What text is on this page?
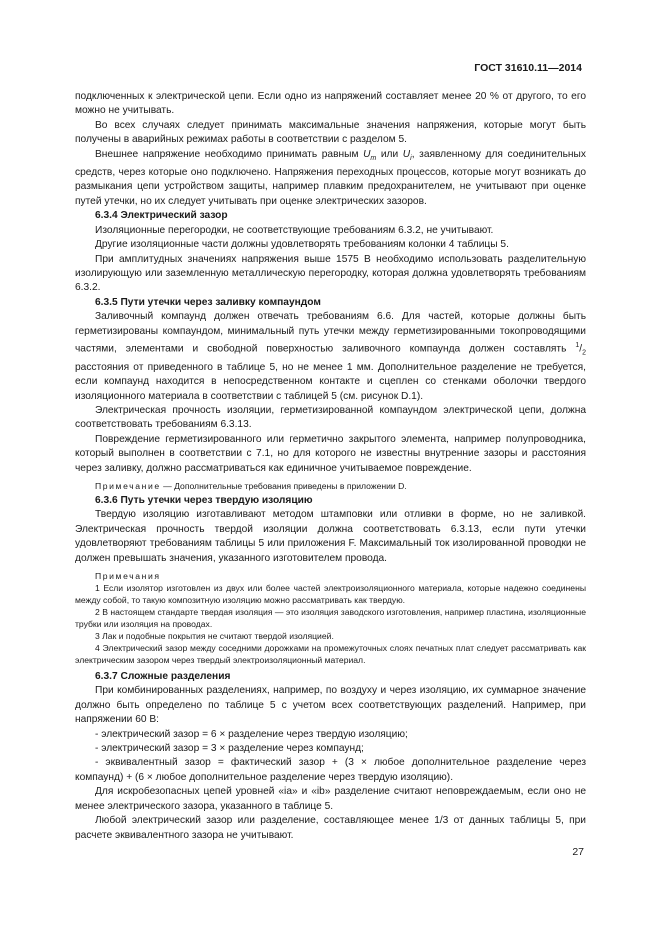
ГОСТ 31610.11—2014

подключенных к электрической цепи. Если одно из напряжений составляет менее 20 % от другого, то его можно не учитывать.

Во всех случаях следует принимать максимальные значения напряжения, которые могут быть получены в аварийных режимах работы в соответствии с разделом 5.

Внешнее напряжение необходимо принимать равным $U_m$ или $U_i$, заявленному для соединительных средств, через которые оно подключено. Напряжения переходных процессов, которые могут возникать до размыкания цепи устройством защиты, например плавким предохранителем, не учитывают при оценке путей утечки, но их следует учитывать при оценке электрических зазоров.

6.3.4 Электрический зазор

Изоляционные перегородки, не соответствующие требованиям 6.3.2, не учитывают.

Другие изоляционные части должны удовлетворять требованиям колонки 4 таблицы 5.

При амплитудных значениях напряжения выше 1575 В необходимо использовать разделительную изолирующую или заземленную металлическую перегородку, которая должна удовлетворять требованиям 6.3.2.

6.3.5 Пути утечки через заливку компаундом

Заливочный компаунд должен отвечать требованиям 6.6. Для частей, которые должны быть герметизированы компаундом, минимальный путь утечки между герметизированными токопроводящими частями, элементами и свободной поверхностью заливочного компаунда должен составлять $^1/_2$ расстояния от приведенного в таблице 5, но не менее 1 мм. Дополнительное разделение не требуется, если компаунд находится в непосредственном контакте и сцеплен со стенками оболочки твердого изоляционного материала в соответствии с таблицей 5 (см. рисунок D.1).

Электрическая прочность изоляции, герметизированной компаундом электрической цепи, должна соответствовать требованиям 6.3.13.

Повреждение герметизированного или герметично закрытого элемента, например полупроводника, который выполнен в соответствии с 7.1, но для которого не известны внутренние зазоры и расстояния через заливку, должно рассматриваться как единичное учитываемое повреждение.

Примечание — Дополнительные требования приведены в приложении D.

6.3.6 Путь утечки через твердую изоляцию

Твердую изоляцию изготавливают методом штамповки или отливки в форме, но не заливкой. Электрическая прочность твердой изоляции должна соответствовать 6.3.13, если пути утечки удовлетворяют требованиям таблицы 5 или приложения F. Максимальный ток изолированной проводки не должен превышать значения, указанного изготовителем провода.

Примечания

1 Если изолятор изготовлен из двух или более частей электроизоляционного материала, которые надежно соединены между собой, то такую композитную изоляцию можно рассматривать как твердую.

2 В настоящем стандарте твердая изоляция — это изоляция заводского изготовления, например пластина, изоляционные трубки или изоляция на проводах.

3 Лак и подобные покрытия не считают твердой изоляцией.

4 Электрический зазор между соседними дорожками на промежуточных слоях печатных плат следует рассматривать как электрическим зазором через твердый электроизоляционный материал.

6.3.7 Сложные разделения

При комбинированных разделениях, например, по воздуху и через изоляцию, их суммарное значение должно быть определено по таблице 5 с учетом всех соответствующих разделений. Например, при напряжении 60 В:

- электрический зазор = 6 × разделение через твердую изоляцию;

- электрический зазор = 3 × разделение через компаунд;

- эквивалентный зазор = фактический зазор + (3 × любое дополнительное разделение через компаунд) + (6 × любое дополнительное разделение через твердую изоляцию).

Для искробезопасных цепей уровней «ia» и «ib» разделение считают неповреждаемым, если оно не менее электрического зазора, указанного в таблице 5.

Любой электрический зазор или разделение, составляющее менее 1/3 от данных таблицы 5, при расчете эквивалентного зазора не учитывают.

27
